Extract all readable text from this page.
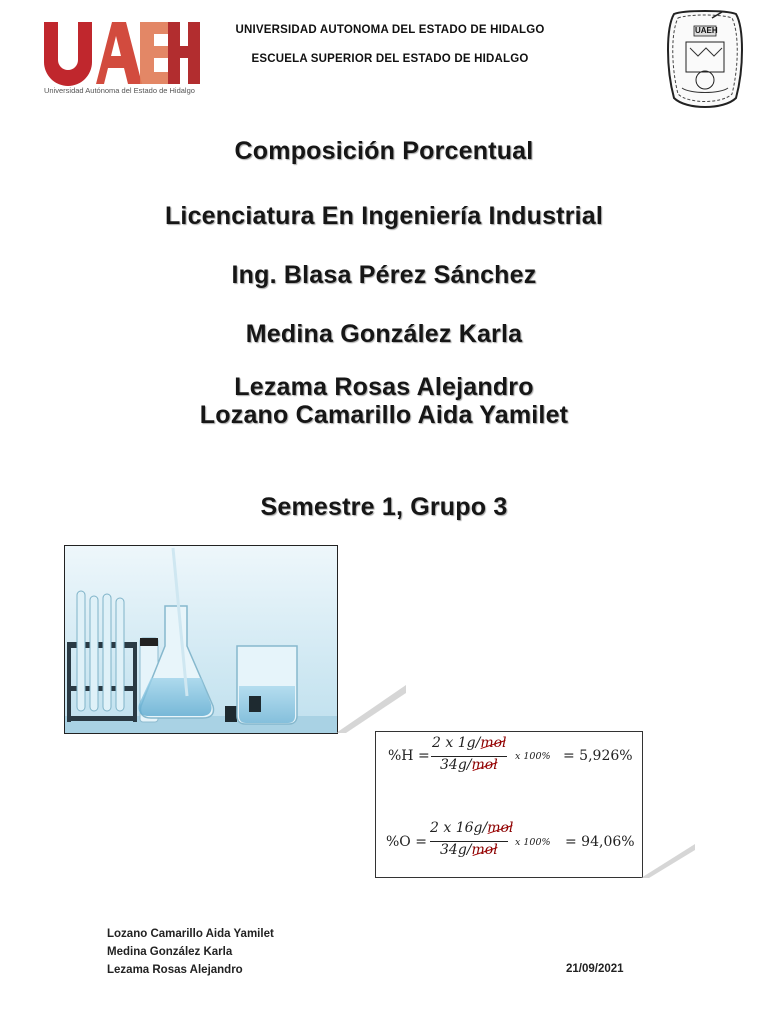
®
Universidad Autónoma del Estado de Hidalgo
UNIVERSIDAD AUTONOMA DEL ESTADO DE HIDALGO
ESCUELA SUPERIOR DEL ESTADO DE HIDALGO
UAEH
Composición Porcentual
Licenciatura En Ingeniería Industrial
Ing. Blasa Pérez Sánchez
Medina González Karla
Lezama Rosas Alejandro
Lozano Camarillo Aida Yamilet
Semestre 1, Grupo 3
%H =
2 x 1g/mol
34g/mol
x 100% = 5,926%
%O =
2 x 16g/mol
34g/mol x 100% = 94,06%
Lozano Camarillo Aida Yamilet
Medina González Karla
Lezama Rosas Alejandro	21/09/2021
